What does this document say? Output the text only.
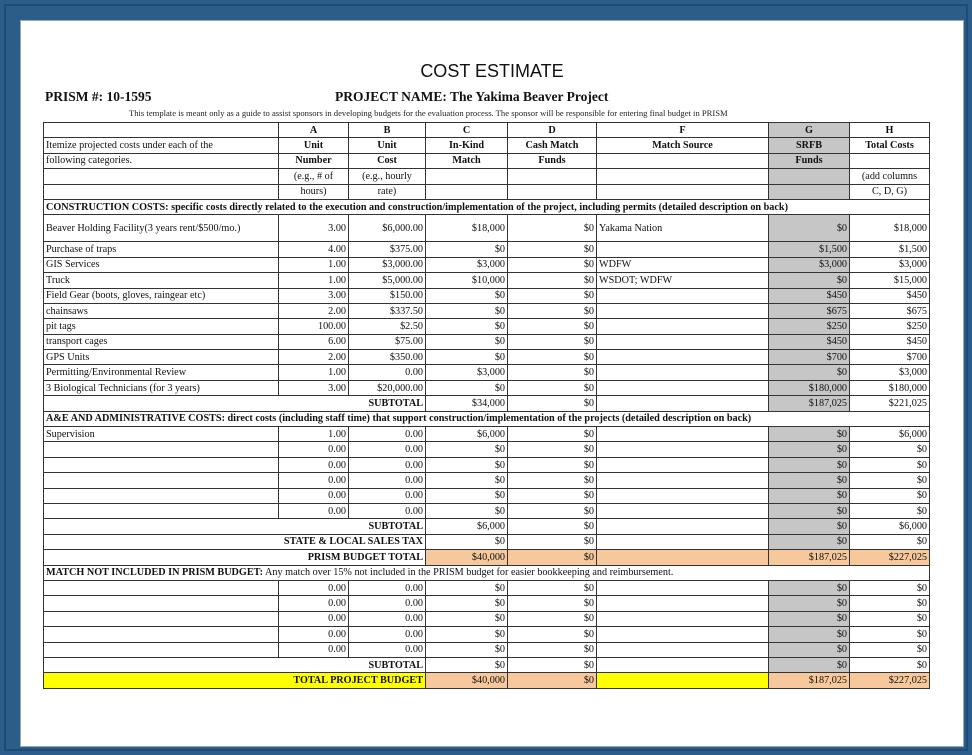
COST ESTIMATE
PRISM #: 10-1595	PROJECT NAME: The Yakima Beaver Project
This template is meant only as a guide to assist sponsors in developing budgets for the evaluation process. The sponsor will be responsible for entering final budget in PRISM
	A	B	C	D	F	G	H
Itemize projected costs under each of the	Unit	Unit	In-Kind	Cash Match	Match Source	SRFB	Total Costs
following categories.	Number	Cost	Match	Funds		Funds	
	(e.g., # of	(e.g., hourly					(add columns
	hours)	rate)					C, D, G)
CONSTRUCTION COSTS: specific costs directly related to the execution and construction/implementation of the project, including permits (detailed description on back)							
Beaver Holding Facility(3 years rent/$500/mo.)	3.00	$6,000.00	$18,000	$0	Yakama Nation	$0	$18,000
Purchase of traps	4.00	$375.00	$0	$0		$1,500	$1,500
GIS Services	1.00	$3,000.00	$3,000	$0	WDFW	$3,000	$3,000
Truck	1.00	$5,000.00	$10,000	$0	WSDOT; WDFW	$0	$15,000
Field Gear (boots, gloves, raingear etc)	3.00	$150.00	$0	$0		$450	$450
chainsaws	2.00	$337.50	$0	$0		$675	$675
pit tags	100.00	$2.50	$0	$0		$250	$250
transport cages	6.00	$75.00	$0	$0		$450	$450
GPS Units	2.00	$350.00	$0	$0		$700	$700
Permitting/Environmental Review	1.00	0.00	$3,000	$0		$0	$3,000
3 Biological Technicians (for 3 years)	3.00	$20,000.00	$0	$0		$180,000	$180,000
SUBTOTAL			$34,000	$0		$187,025	$221,025
A&E AND ADMINISTRATIVE COSTS: direct costs (including staff time) that support construction/implementation of the projects (detailed description on back)							
Supervision	1.00	0.00	$6,000	$0		$0	$6,000
	0.00	0.00	$0	$0		$0	$0
	0.00	0.00	$0	$0		$0	$0
	0.00	0.00	$0	$0		$0	$0
	0.00	0.00	$0	$0		$0	$0
	0.00	0.00	$0	$0		$0	$0
SUBTOTAL			$6,000	$0		$0	$6,000
STATE & LOCAL SALES TAX			$0	$0		$0	$0
PRISM BUDGET TOTAL			$40,000	$0		$187,025	$227,025
MATCH NOT INCLUDED IN PRISM BUDGET: Any match over 15% not included in the PRISM budget for easier bookkeeping and reimbursement.							
	0.00	0.00	$0	$0		$0	$0
	0.00	0.00	$0	$0		$0	$0
	0.00	0.00	$0	$0		$0	$0
	0.00	0.00	$0	$0		$0	$0
	0.00	0.00	$0	$0		$0	$0
SUBTOTAL			$0	$0		$0	$0
TOTAL PROJECT BUDGET			$40,000	$0		$187,025	$227,025
